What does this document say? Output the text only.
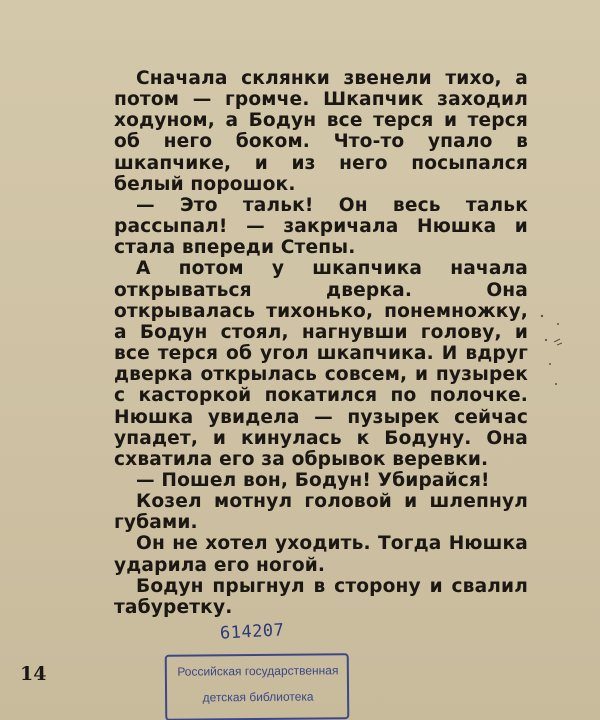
Сначала склянки звенели тихо, а потом — громче. Шкапчик заходил ходуном, а Бодун все терся и терся об него боком. Что-то упало в шкапчике, и из него посыпался белый порошок.

— Это тальк! Он весь тальк рассыпал! — закричала Нюшка и стала впереди Степы.

А потом у шкапчика начала открываться дверка. Она открывалась тихонько, понемножку, а Бодун стоял, нагнувши голову, и все терся об угол шкапчика. И вдруг дверка открылась совсем, и пузырек с касторкой покатился по полочке. Нюшка увидела — пузырек сейчас упадет, и кинулась к Бодуну. Она схватила его за обрывок веревки.

— Пошел вон, Бодун! Убирайся!

Козел мотнул головой и шлепнул губами.

Он не хотел уходить. Тогда Нюшка ударила его ногой.

Бодун прыгнул в сторону и свалил табуретку.

614207
14	Российская государственная
детская библиотека
